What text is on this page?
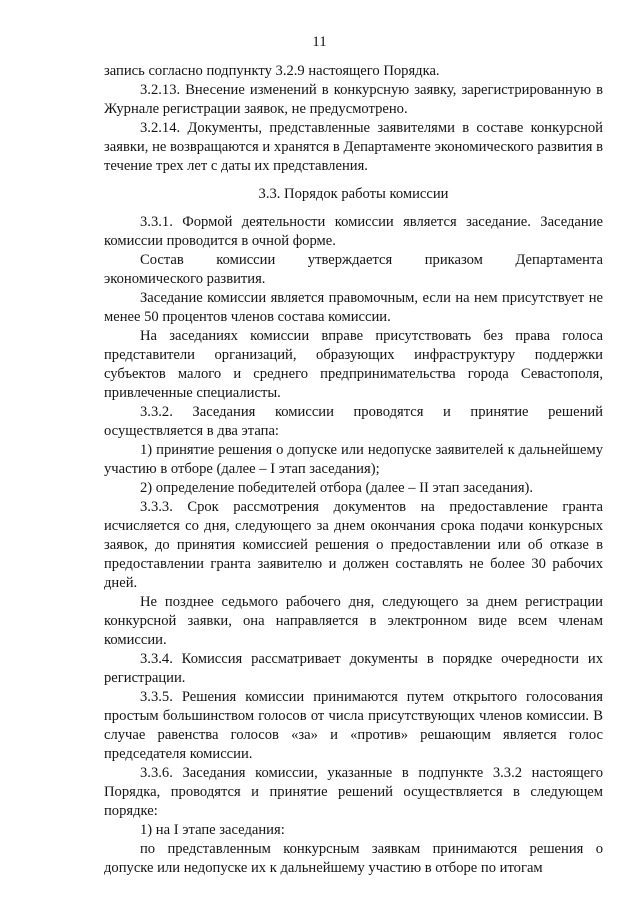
11

запись согласно подпункту 3.2.9 настоящего Порядка.

3.2.13. Внесение изменений в конкурсную заявку, зарегистрированную в Журнале регистрации заявок, не предусмотрено.

3.2.14. Документы, представленные заявителями в составе конкурсной заявки, не возвращаются и хранятся в Департаменте экономического развития в течение трех лет с даты их представления.

3.3. Порядок работы комиссии

3.3.1. Формой деятельности комиссии является заседание. Заседание комиссии проводится в очной форме.

Состав комиссии утверждается приказом Департамента
экономического развития.

Заседание комиссии является правомочным, если на нем присутствует не менее 50 процентов членов состава комиссии.

На заседаниях комиссии вправе присутствовать без права голоса представители организаций, образующих инфраструктуру поддержки субъектов малого и среднего предпринимательства города Севастополя, привлеченные специалисты.

3.3.2. Заседания комиссии проводятся и принятие решений
осуществляется в два этапа:

1) принятие решения о допуске или недопуске заявителей к дальнейшему участию в отборе (далее – I этап заседания);

2) определение победителей отбора (далее – II этап заседания).

3.3.3. Срок рассмотрения документов на предоставление гранта исчисляется со дня, следующего за днем окончания срока подачи конкурсных заявок, до принятия комиссией решения о предоставлении или об отказе в предоставлении гранта заявителю и должен составлять не более 30 рабочих дней.

Не позднее седьмого рабочего дня, следующего за днем регистрации конкурсной заявки, она направляется в электронном виде всем членам комиссии.

3.3.4. Комиссия рассматривает документы в порядке очередности их регистрации.

3.3.5. Решения комиссии принимаются путем открытого голосования простым большинством голосов от числа присутствующих членов комиссии. В случае равенства голосов «за» и «против» решающим является голос председателя комиссии.

3.3.6. Заседания комиссии, указанные в подпункте 3.3.2 настоящего Порядка, проводятся и принятие решений осуществляется в следующем порядке:

1) на I этапе заседания:

по представленным конкурсным заявкам принимаются решения о допуске или недопуске их к дальнейшему участию в отборе по итогам
